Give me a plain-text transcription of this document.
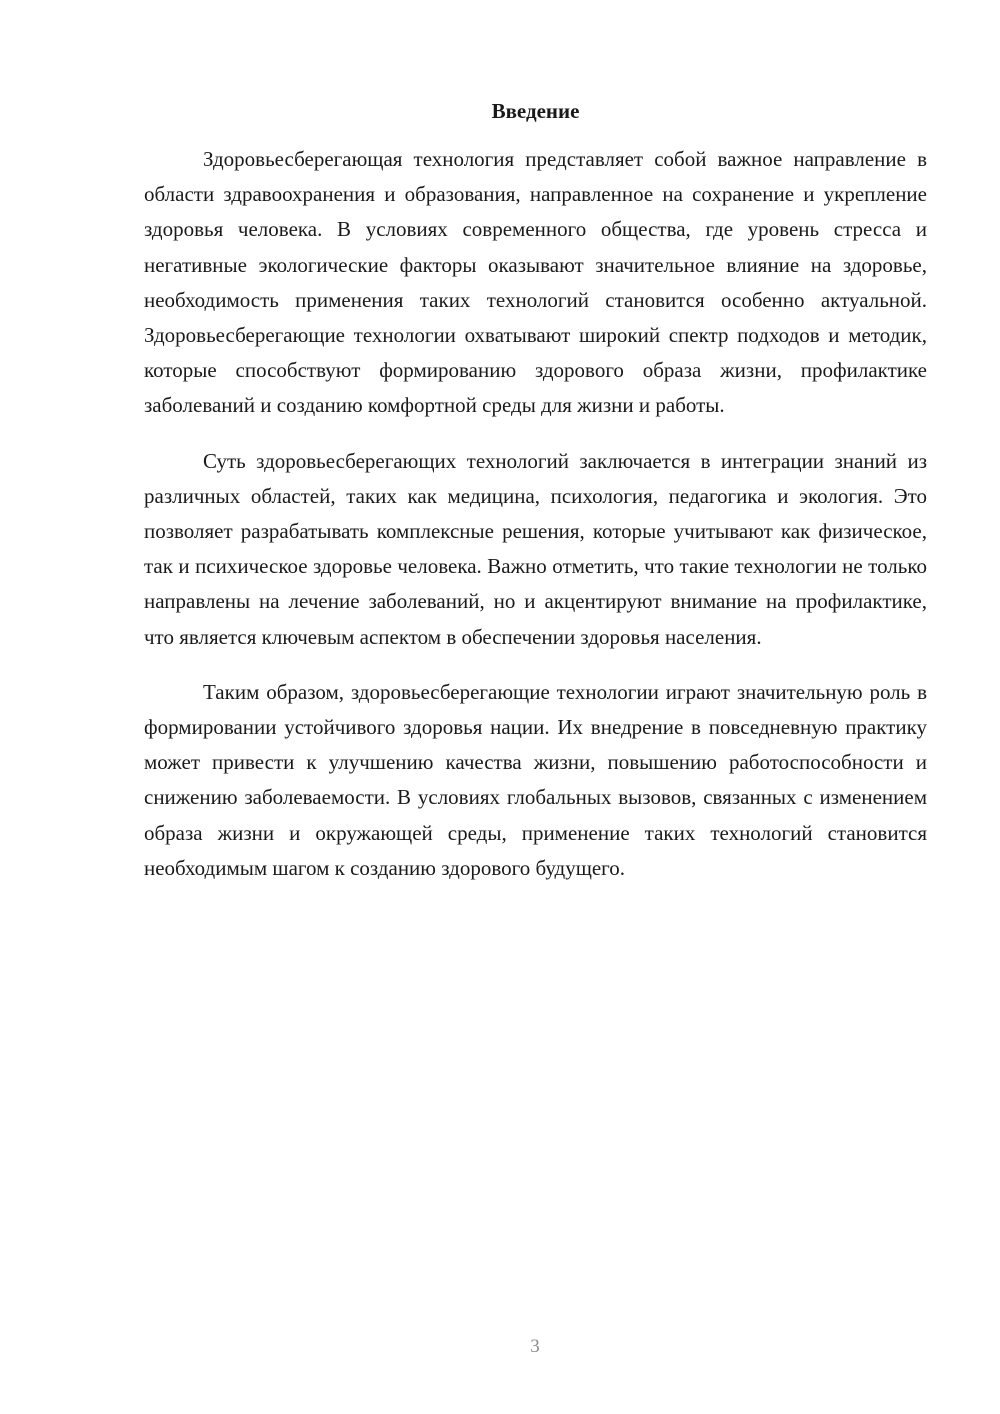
Введение

Здоровьесберегающая технология представляет собой важное направление в области здравоохранения и образования, направленное на сохранение и укрепление здоровья человека. В условиях современного общества, где уровень стресса и негативные экологические факторы оказывают значительное влияние на здоровье, необходимость применения таких технологий становится особенно актуальной. Здоровьесберегающие технологии охватывают широкий спектр подходов и методик, которые способствуют формированию здорового образа жизни, профилактике заболеваний и созданию комфортной среды для жизни и работы.

Суть здоровьесберегающих технологий заключается в интеграции знаний из различных областей, таких как медицина, психология, педагогика и экология. Это позволяет разрабатывать комплексные решения, которые учитывают как физическое, так и психическое здоровье человека. Важно отметить, что такие технологии не только направлены на лечение заболеваний, но и акцентируют внимание на профилактике, что является ключевым аспектом в обеспечении здоровья населения.

Таким образом, здоровьесберегающие технологии играют значительную роль в формировании устойчивого здоровья нации. Их внедрение в повседневную практику может привести к улучшению качества жизни, повышению работоспособности и снижению заболеваемости. В условиях глобальных вызовов, связанных с изменением образа жизни и окружающей среды, применение таких технологий становится необходимым шагом к созданию здорового будущего.

3
